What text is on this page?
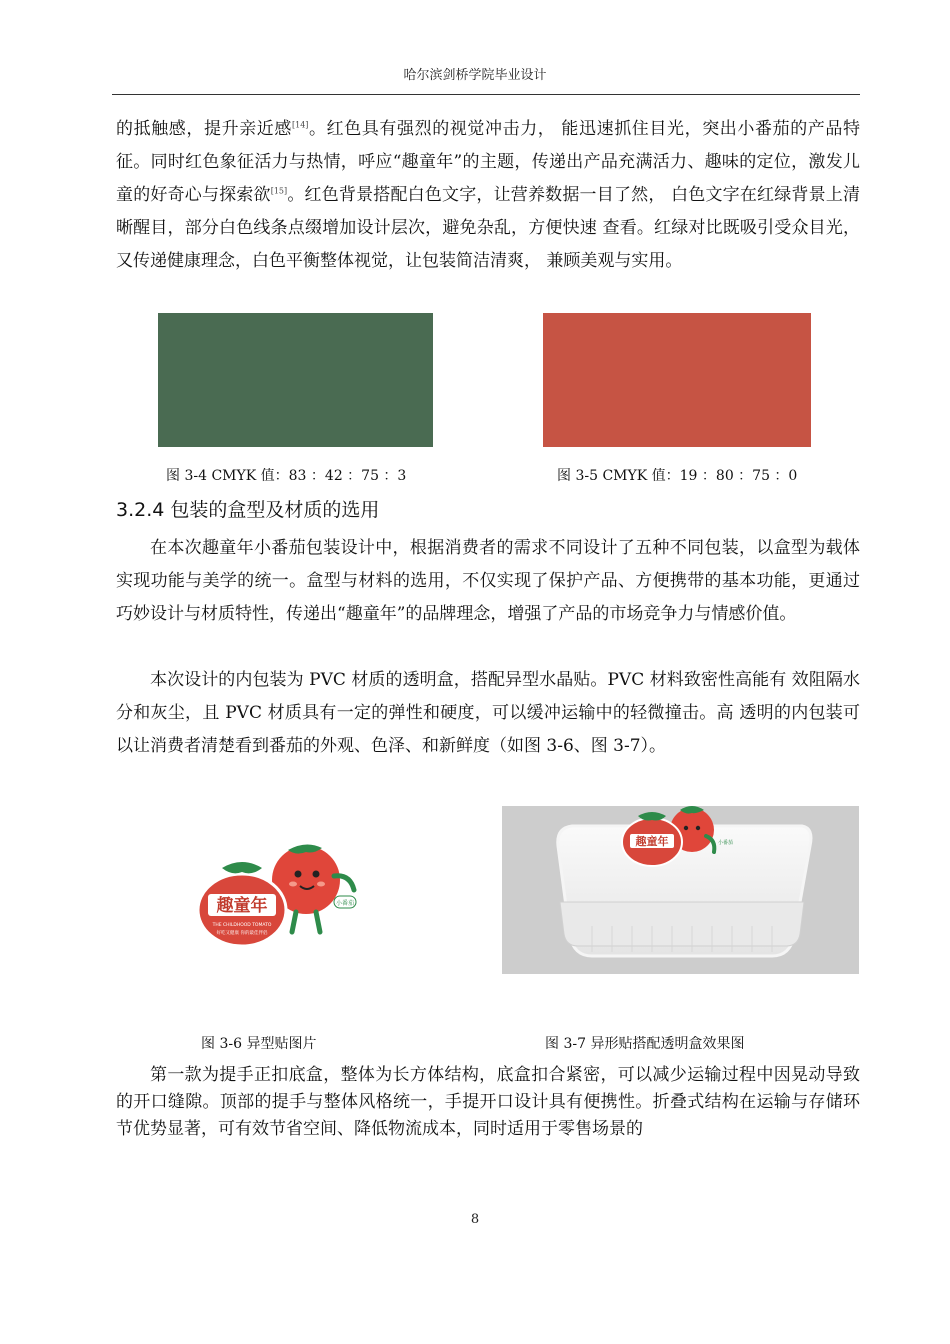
哈尔滨剑桥学院毕业设计

的抵触感，提升亲近感[14]。红色具有强烈的视觉冲击力， 能迅速抓住目光，突出小番茄的产品特征。同时红色象征活力与热情，呼应“趣童年”的主题，传递出产品充满活力、趣味的定位，激发儿童的好奇心与探索欲[15]。红色背景搭配白色文字，让营养数据一目了然， 白色文字在红绿背景上清晰醒目，部分白色线条点缀增加设计层次，避免杂乱，方便快速 查看。红绿对比既吸引受众目光， 又传递健康理念，白色平衡整体视觉，让包装简洁清爽， 兼顾美观与实用。

图 3-4 CMYK 值：83 ：42 ：75 ：3	图 3-5 CMYK 值：19 ：80 ：75 ：0
3.2.4 包装的盒型及材质的选用

在本次趣童年小番茄包装设计中，根据消费者的需求不同设计了五种不同包装，以盒型为载体实现功能与美学的统一。盒型与材料的选用，不仅实现了保护产品、方便携带的基本功能，更通过巧妙设计与材质特性，传递出“趣童年”的品牌理念，增强了产品的市场竞争力与情感价值。

本次设计的内包装为 PVC 材质的透明盒，搭配异型水晶贴。PVC 材料致密性高能有 效阻隔水分和灰尘，且 PVC 材质具有一定的弹性和硬度，可以缓冲运输中的轻微撞击。高 透明的内包装可以让消费者清楚看到番茄的外观、色泽、和新鲜度（如图 3-6、图 3-7）。

小番茄
趣童年
THE CHILDHOOD TOMATO
好吃又健康 你的最佳伴侣
图 3-6 异型贴图片
小番茄
趣童年
图 3-7 异形贴搭配透明盒效果图

第一款为提手正扣底盒，整体为长方体结构，底盒扣合紧密，可以减少运输过程中因晃动导致的开口缝隙。顶部的提手与整体风格统一，手提开口设计具有便携性。折叠式结构在运输与存储环节优势显著，可有效节省空间、降低物流成本，同时适用于零售场景的

8
